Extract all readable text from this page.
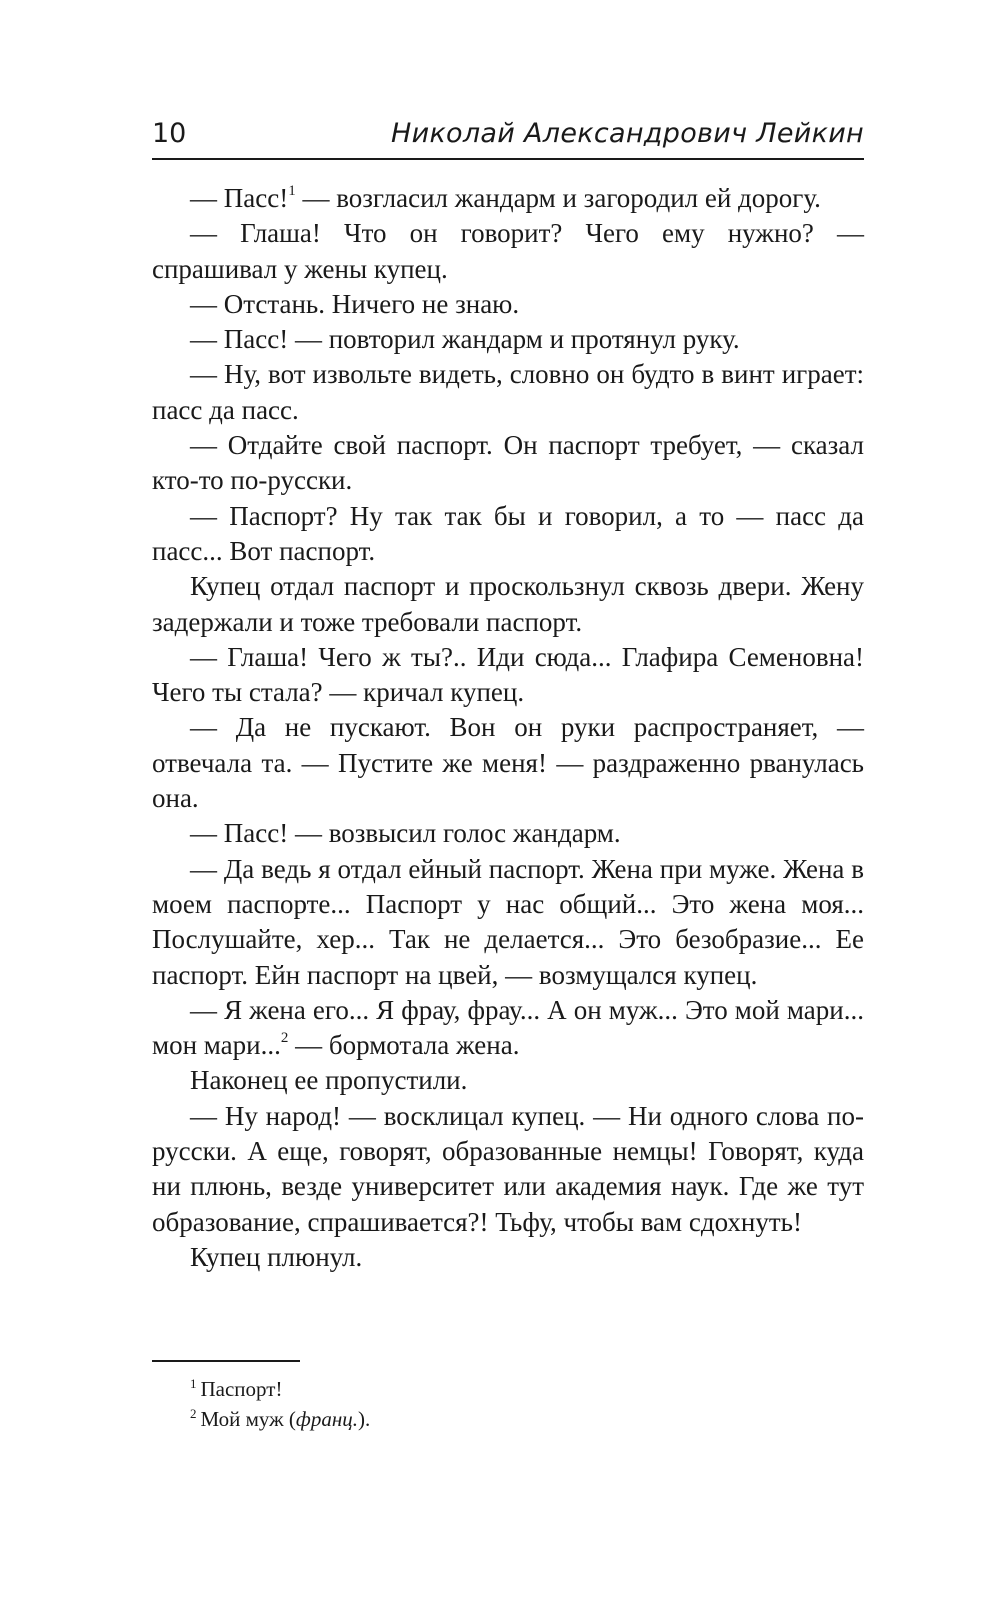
10	Николай Александрович Лейкин

— Пасс!$^1$ — возгласил жандарм и загородил ей дорогу.

— Глаша! Что он говорит? Чего ему нужно? — спрашивал у жены купец.

— Отстань. Ничего не знаю.

— Пасс! — повторил жандарм и протянул руку.

— Ну, вот извольте видеть, словно он будто в винт играет: пасс да пасс.

— Отдайте свой паспорт. Он паспорт требует, — сказал кто-то по-русски.

— Паспорт? Ну так так бы и говорил, а то — пасс да пасс... Вот паспорт.

Купец отдал паспорт и проскользнул сквозь двери. Жену задержали и тоже требовали паспорт.

— Глаша! Чего ж ты?.. Иди сюда... Глафира Семеновна! Чего ты стала? — кричал купец.

— Да не пускают. Вон он руки распространяет, — отвечала та. — Пустите же меня! — раздраженно рванулась она.

— Пасс! — возвысил голос жандарм.

— Да ведь я отдал ейный паспорт. Жена при муже. Жена в моем паспорте... Паспорт у нас общий... Это жена моя... Послушайте, хер... Так не делается... Это безобразие... Ее паспорт. Ейн паспорт на цвей, — возмущался купец.

— Я жена его... Я фрау, фрау... А он муж... Это мой мари... мон мари...$^2$ — бормотала жена.

Наконец ее пропустили.

— Ну народ! — восклицал купец. — Ни одного слова по-русски. А еще, говорят, образованные немцы! Говорят, куда ни плюнь, везде университет или академия наук. Где же тут образование, спрашивается?! Тьфу, чтобы вам сдохнуть!

Купец плюнул.

$^1$ Паспорт!

$^2$ Мой муж (франц.).
